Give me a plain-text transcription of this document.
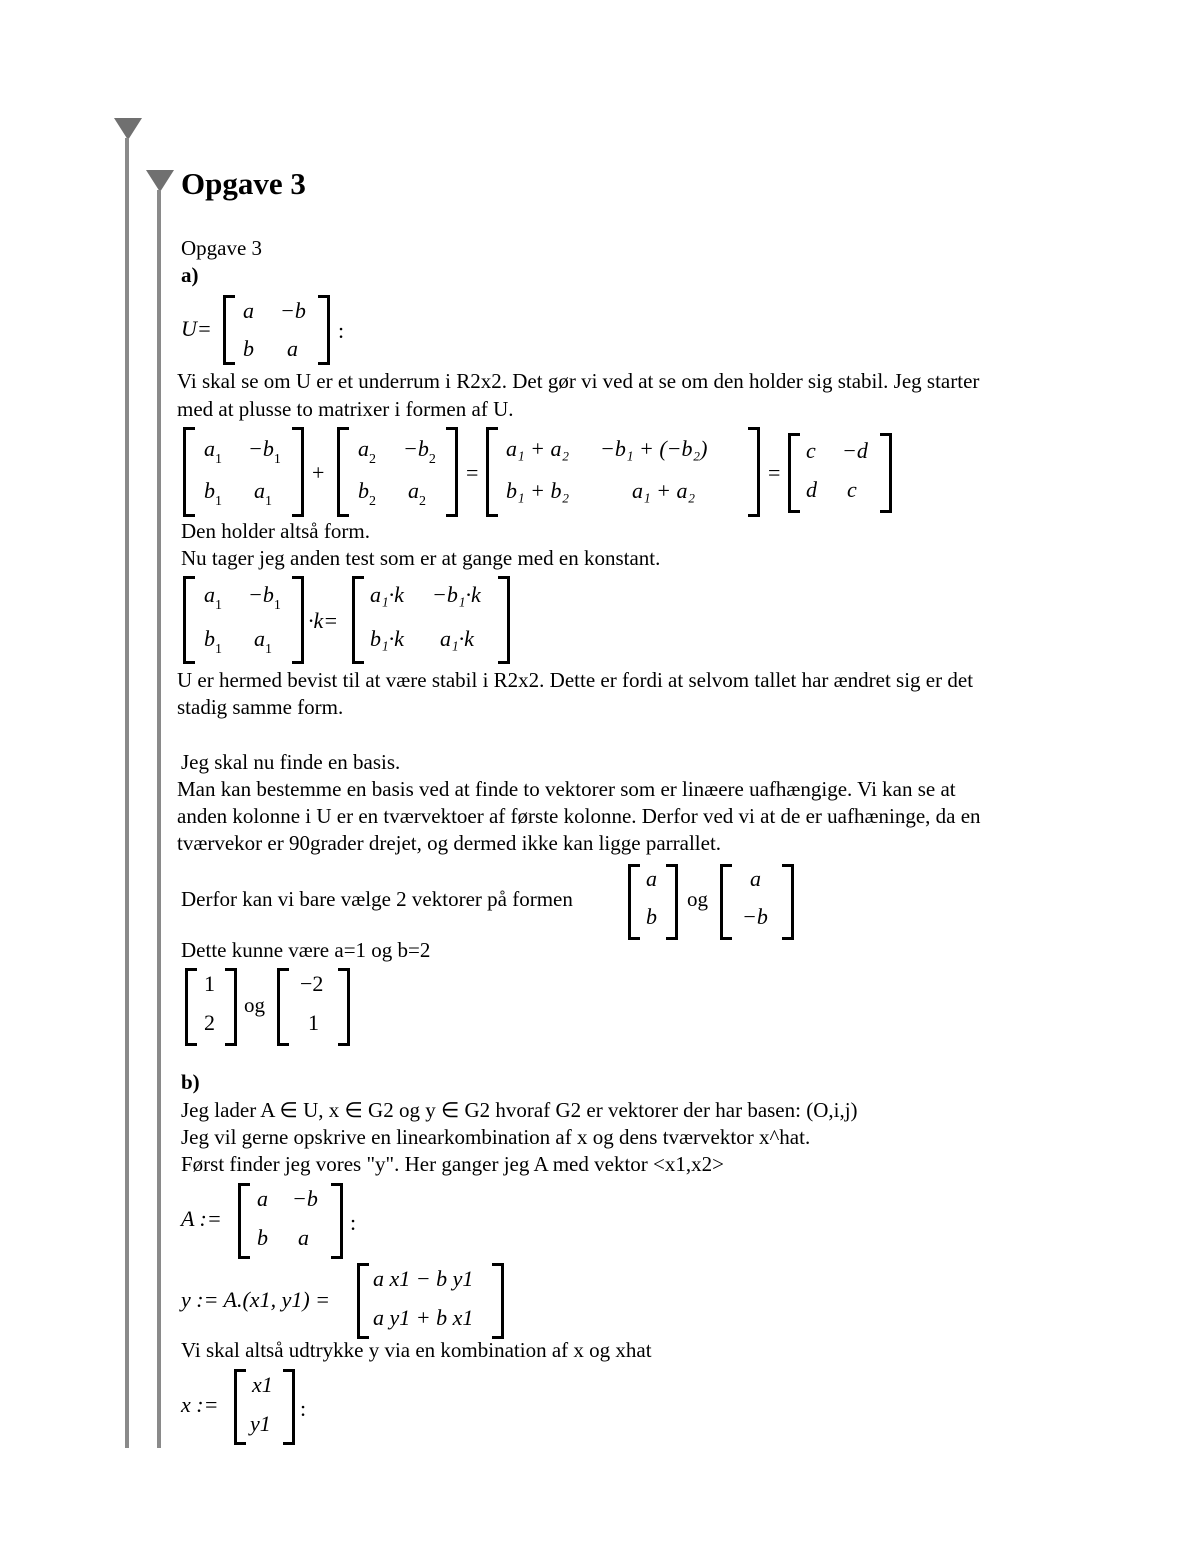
Opgave 3
Opgave 3
a)
U=
a −b
b a
:
Vi skal se om U er et underrum i R2x2. Det gør vi ved at se om den holder sig stabil. Jeg starter
med at plusse to matrixer i formen af U.
$a_1 -b_1$
$b_1$ $a_1$
+
$a_2 -b_2$
$b_2$ $a_2$
=
a₁ + a₂ −b₁ + (−b₂)
b₁ + b₂	a₁ + a₂
=
c −d
d c
Den holder altså form.
Nu tager jeg anden test som er at gange med en konstant.
$a_1 -b_1$
$b_1$ $a_1$
·k=
a₁·k −b₁·k
b₁·k a₁·k
U er hermed bevist til at være stabil i R2x2. Dette er fordi at selvom tallet har ændret sig er det
stadig samme form.
Jeg skal nu finde en basis.
Man kan bestemme en basis ved at finde to vektorer som er linæere uafhængige. Vi kan se at
anden kolonne i U er en tværvektoer af første kolonne. Derfor ved vi at de er uafhæninge, da en
tværvekor er 90grader drejet, og dermed ikke kan ligge parrallet.
Derfor kan vi bare vælge 2 vektorer på formen
a
b
og
a
−b
Dette kunne være a=1 og b=2
1
2
og
−2
1
b)
Jeg lader A ∈ U, x ∈ G2 og y ∈ G2 hvoraf G2 er vektorer der har basen: (O,i,j)
Jeg vil gerne opskrive en linearkombination af x og dens tværvektor x^hat.
Først finder jeg vores "y". Her ganger jeg A med vektor <x1,x2>
A :=
a −b
b a
:
y := A.(x1, y1) =
a x1 − b y1
a y1 + b x1
Vi skal altså udtrykke y via en kombination af x og xhat
x :=
x1
y1
:
